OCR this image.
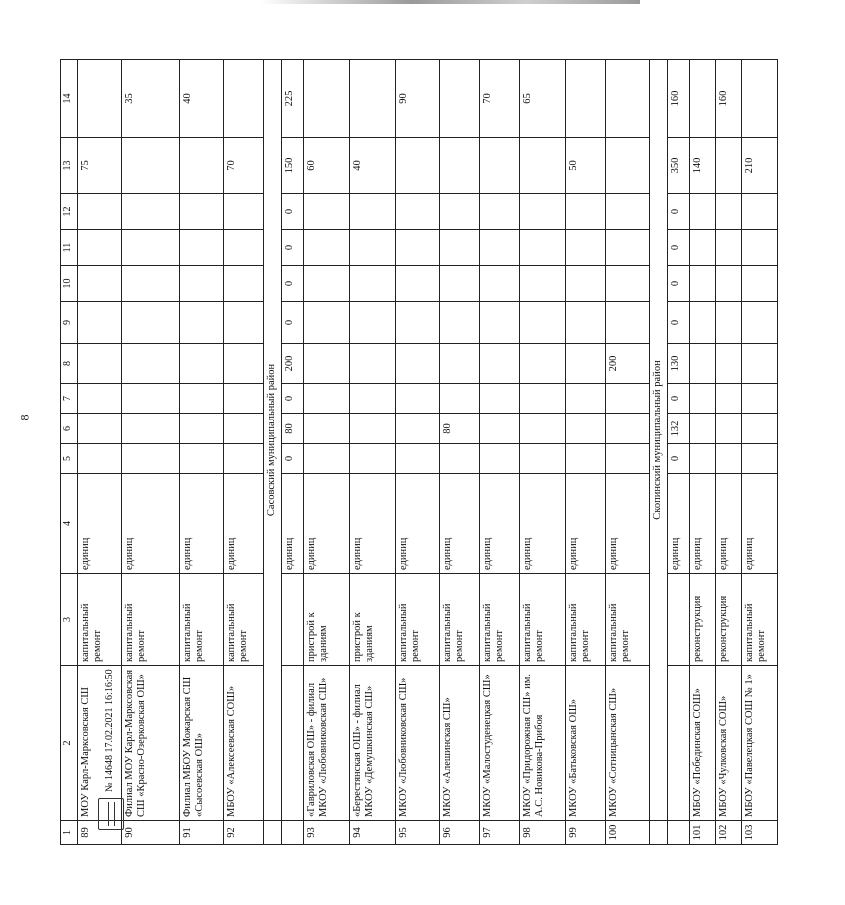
8
1	2	3	4	5	6	7	8	9	10	11	12	13	14
89	МОУ Карл-Марксовская СШ	капитальный ремонт	единиц									75	
90	Филиал МОУ Карл-Марксовская СШ «Красно-Озерковская ОШ»	капитальный ремонт	единиц										35
91	Филиал МБОУ Можарская СШ «Сысоевская ОШ»	капитальный ремонт	единиц										40
92	МБОУ «Алексеевская СОШ»	капитальный ремонт	единиц									70	
	Сасовский муниципальный район												
			единиц	0	80	0	200	0	0	0	0	150	225
93	«Гавриловская ОШ» - филиал МКОУ «Любовниковская СШ»	пристрой к зданиям	единиц									60	
94	«Берестянская ОШ» - филиал МКОУ «Демушкинская СШ»	пристрой к зданиям	единиц									40	
95	МКОУ «Любовниковская СШ»	капитальный ремонт	единиц										90
96	МКОУ «Алешинская СШ»	капитальный ремонт	единиц		80								
97	МКОУ «Малостуденецкая СШ»	капитальный ремонт	единиц										70
98	МКОУ «Придорожная СШ» им. А.С. Новикова-Прибоя	капитальный ремонт	единиц										65
99	МКОУ «Батьковская ОШ»	капитальный ремонт	единиц									50	
100	МКОУ «Сотницынская СШ»	капитальный ремонт	единиц				200						
	Скопинский муниципальный район												
			единиц	0	132	0	130	0	0	0	0	350	160
101	МБОУ «Побединская СОШ»	реконструкция	единиц									140	
102	МБОУ «Чулковская СОШ»	реконструкция	единиц										160
103	МБОУ «Павелецкая СОШ № 1»	капитальный ремонт	единиц									210	
№ 14648 17.02.2021 16:16:50
